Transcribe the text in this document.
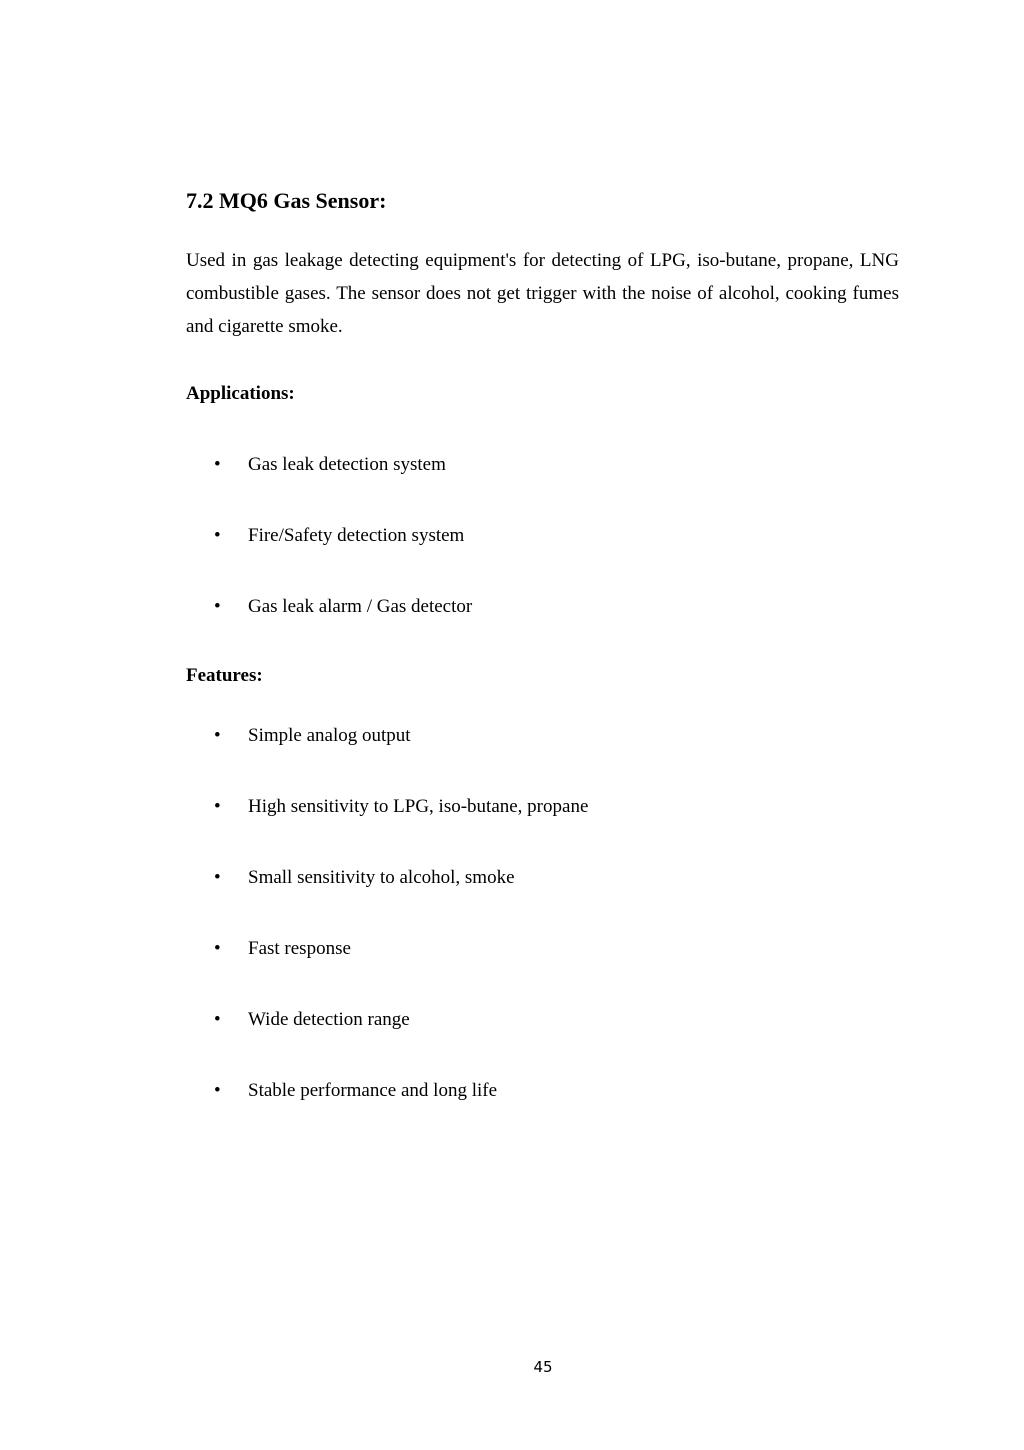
7.2 MQ6 Gas Sensor:

Used in gas leakage detecting equipment's for detecting of LPG, iso-butane, propane, LNG combustible gases. The sensor does not get trigger with the noise of alcohol, cooking fumes and cigarette smoke.

Applications:
• Gas leak detection system
• Fire/Safety detection system
• Gas leak alarm / Gas detector
Features:
• Simple analog output
• High sensitivity to LPG, iso-butane, propane
• Small sensitivity to alcohol, smoke
• Fast response
• Wide detection range
• Stable performance and long life
45
